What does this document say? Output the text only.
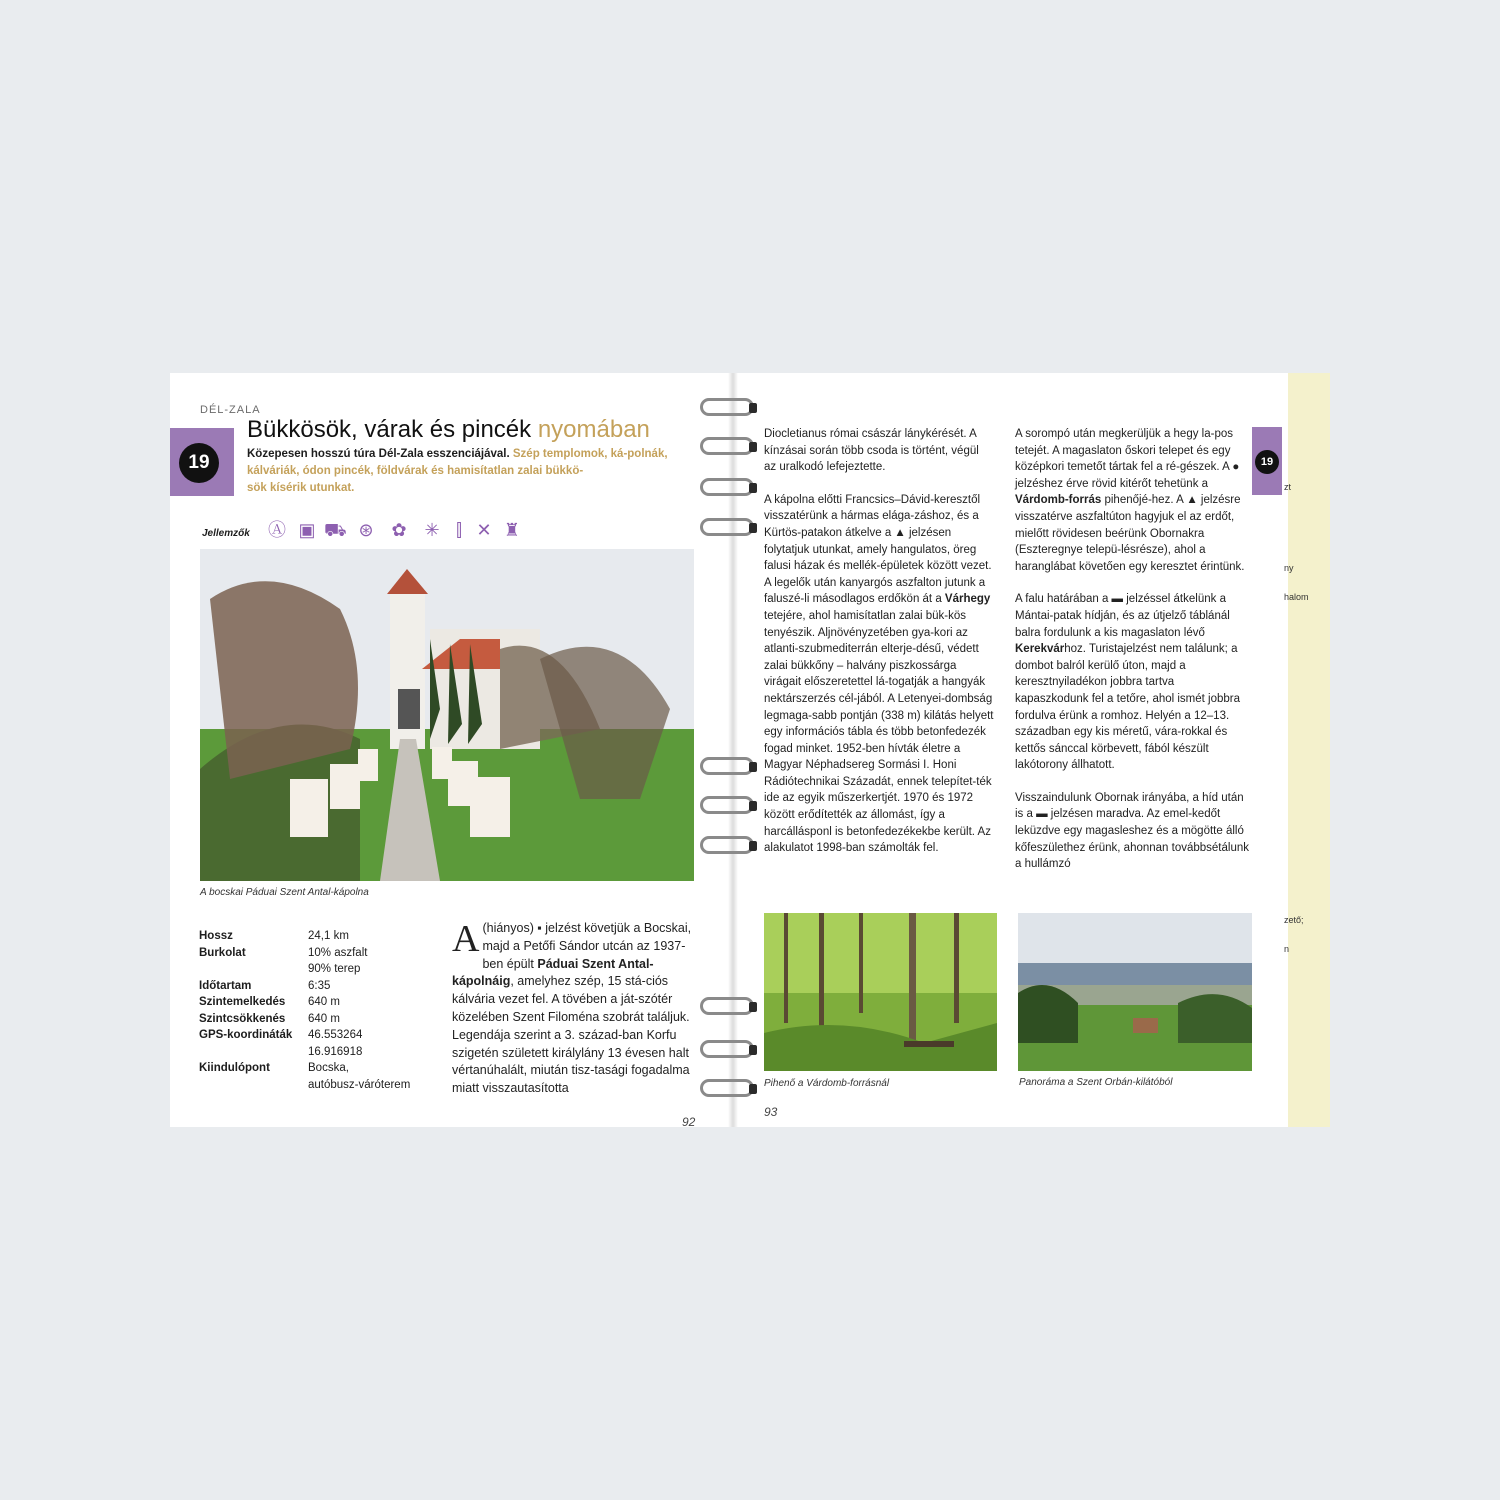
DÉL-ZALA
19
Bükkösök, várak és pincék nyomában
Közepesen hosszú túra Dél-Zala esszenciájával. Szép templomok, ká-polnák, kálváriák, ódon pincék, földvárak és hamisítatlan zalai bükkö-
sök kísérik utunkat.
Jellemzők Ⓐ ▣ ⛟ ⊛ ✿ ✳ ⫿ ✕ ♜
A bocskai Páduai Szent Antal-kápolna
Hossz	24,1 km
Burkolat	10% aszfalt
90% terep
Időtartam	6:35
Szintemelkedés	640 m
Szintcsökkenés	640 m
GPS-koordináták	46.553264
16.916918
Kiindulópont	Bocska,
autóbusz-váróterem
A (hiányos) ▪ jelzést követjük a Bocskai, majd a Petőfi Sándor utcán az 1937-ben épült Páduai Szent Antal-kápolnáig, amelyhez szép, 15 stá-ciós kálvária vezet fel. A tövében a ját-szótér közelében Szent Filoména szobrát találjuk. Legendája szerint a 3. század-ban Korfu szigetén született királylány 13 évesen halt vértanúhalált, miután tisz-tasági fogadalma miatt visszautasította
92

Diocletianus római császár lánykérését. A kínzásai során több csoda is történt, végül az uralkodó lefejeztette.

A kápolna előtti Francsics–Dávid-keresztől visszatérünk a hármas elága-záshoz, és a Kürtös-patakon átkelve a ▲ jelzésen folytatjuk utunkat, amely hangulatos, öreg falusi házak és mellék-épületek között vezet. A legelők után kanyargós aszfalton jutunk a faluszé-li másodlagos erdőkön át a Várhegy tetejére, ahol hamisítatlan zalai bük-kös tenyészik. Aljnövényzetében gya-kori az atlanti-szubmediterrán elterje-désű, védett zalai bükkőny – halvány piszkossárga virágait előszeretettel lá-togatják a hangyák nektárszerzés cél-jából. A Letenyei-dombság legmaga-sabb pontján (338 m) kilátás helyett egy információs tábla és több betonfedezék fogad minket. 1952-ben hívták életre a Magyar Néphadsereg Sormási I. Honi Rádiótechnikai Századát, ennek telepítet-ték ide az egyik műszerkertjét. 1970 és 1972 között erődítették az állomást, így a harcállásponl is betonfedezékekbe került. Az alakulatot 1998-ban számolták fel.

A sorompó után megkerüljük a hegy la-pos tetejét. A magaslaton őskori telepet és egy középkori temetőt tártak fel a ré-gészek. A ● jelzéshez érve rövid kitérőt tehetünk a Várdomb-forrás pihenőjé-hez. A ▲ jelzésre visszatérve aszfaltúton hagyjuk el az erdőt, mielőtt rövidesen beérünk Obornakra (Eszteregnye telepü-lésrésze), ahol a haranglábat követően egy keresztet érintünk.

A falu határában a ▬ jelzéssel átkelünk a Mántai-patak hídján, és az útjelző táblánál balra fordulunk a kis magaslaton lévő Kerekvárhoz. Turistajelzést nem találunk; a dombot balról kerülő úton, majd a keresztnyiladékon jobbra tartva kapaszkodunk fel a tetőre, ahol ismét jobbra fordulva érünk a romhoz. Helyén a 12–13. században egy kis méretű, vára-rokkal és kettős sánccal körbevett, fából készült lakótorony állhatott.

Visszaindulunk Obornak irányába, a híd után is a ▬ jelzésen maradva. Az emel-kedőt leküzdve egy magasleshez és a mögötte álló kőfeszülethez érünk, ahonnan továbbsétálunk a hullámzó

19
Pihenő a Várdomb-forrásnál	Panoráma a Szent Orbán-kilátóból
93
zt
ny
halom
zető;
n
